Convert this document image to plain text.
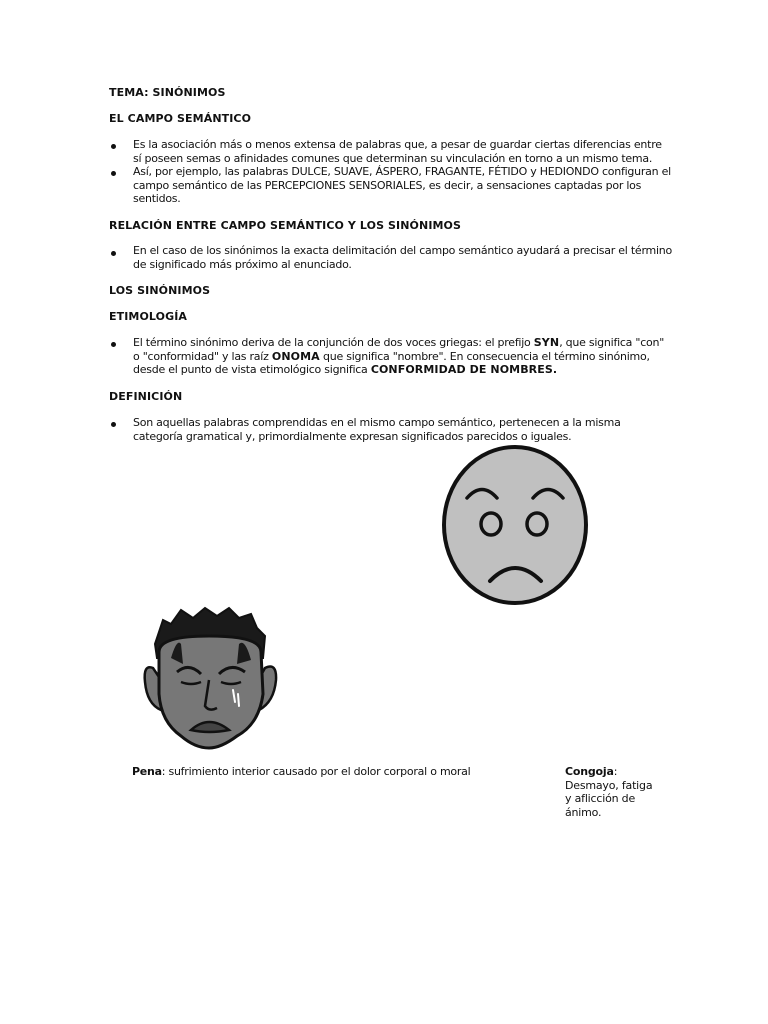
TEMA: SINÓNIMOS
EL CAMPO SEMÁNTICO
Es la asociación más o menos extensa de palabras que, a pesar de guardar ciertas diferencias entre sí poseen semas o afinidades comunes que determinan su vinculación en torno a un mismo tema.
Así, por ejemplo, las palabras DULCE, SUAVE, ÁSPERO, FRAGANTE, FÉTIDO y HEDIONDO configuran el campo semántico de las PERCEPCIONES SENSORIALES, es decir, a sensaciones captadas por los sentidos.
RELACIÓN ENTRE CAMPO SEMÁNTICO Y LOS SINÓNIMOS
En el caso de los sinónimos la exacta delimitación del campo semántico ayudará a precisar el término de significado más próximo al enunciado.
LOS SINÓNIMOS
ETIMOLOGÍA
El término sinónimo deriva de la conjunción de dos voces griegas: el prefijo SYN, que significa "con" o "conformidad" y las raíz ONOMA que significa "nombre". En consecuencia el término sinónimo, desde el punto de vista etimológico significa CONFORMIDAD DE NOMBRES.
DEFINICIÓN
Son aquellas palabras comprendidas en el mismo campo semántico, pertenecen a la misma categoría gramatical y, primordialmente expresan significados parecidos o iguales.
Pena: sufrimiento interior causado por el dolor corporal o moral	Congoja: Desmayo, fatiga y aflicción de ánimo.
